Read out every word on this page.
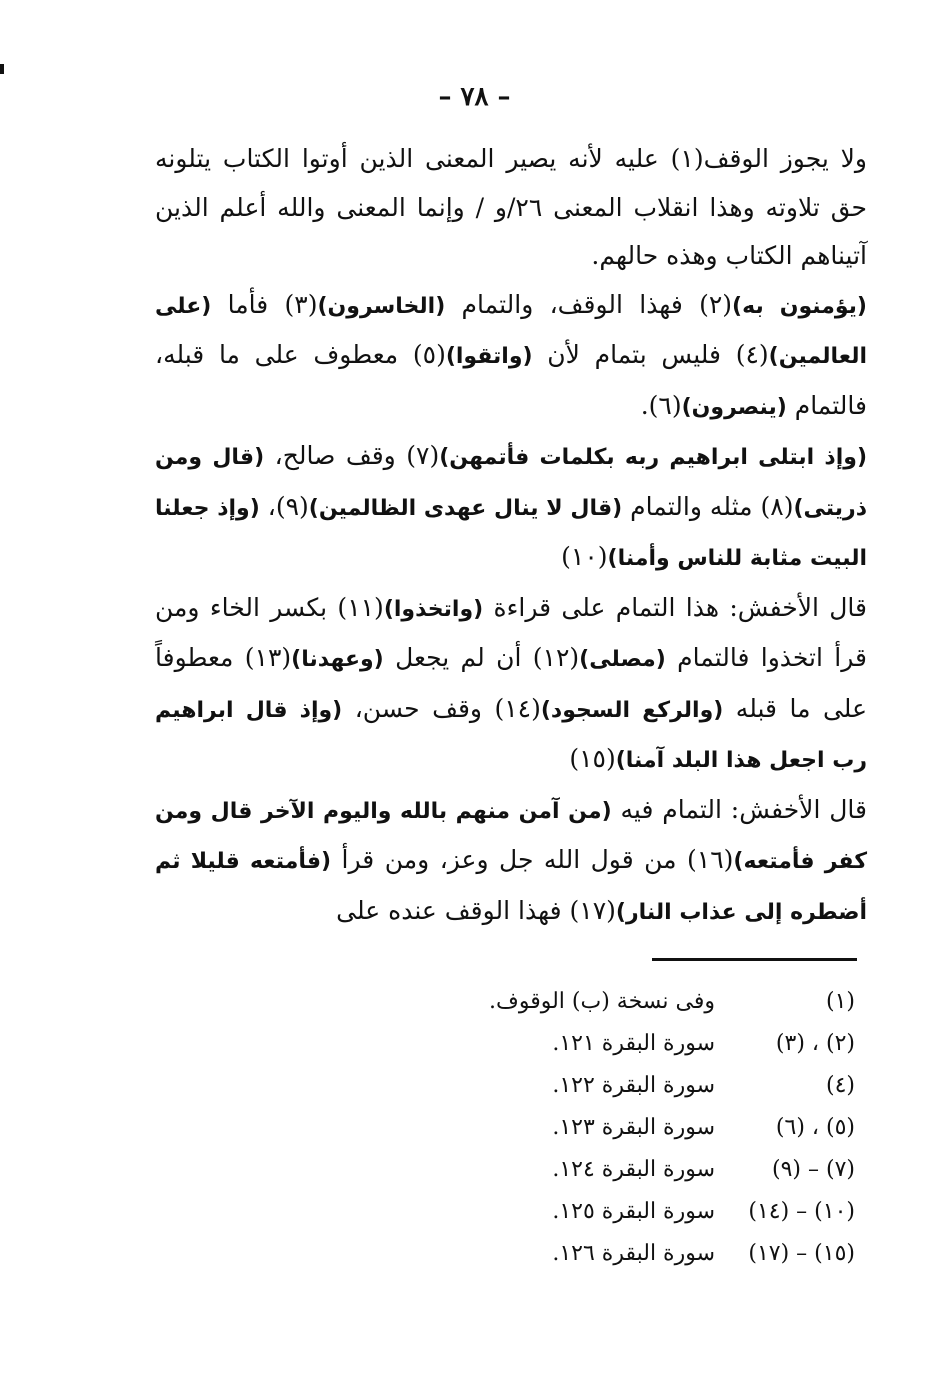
– ٧٨ –

ولا يجوز الوقف(١) عليه لأنه يصير المعنى الذين أوتوا الكتاب يتلونه حق تلاوته وهذا انقلاب المعنى ٢٦/و / وإنما المعنى والله أعلم الذين آتيناهم الكتاب وهذه حالهم.

(يؤمنون به)(٢) فهذا الوقف، والتمام (الخاسرون)(٣) فأما (على العالمين)(٤) فليس بتمام لأن (واتقوا)(٥) معطوف على ما قبله، فالتمام (ينصرون)(٦).

(وإذ ابتلى ابراهيم ربه بكلمات فأتمهن)(٧) وقف صالح، (قال ومن ذريتى)(٨) مثله والتمام (قال لا ينال عهدى الظالمين)(٩)، (وإذ جعلنا البيت مثابة للناس وأمنا)(١٠)

قال الأخفش: هذا التمام على قراءة (واتخذوا)(١١) بكسر الخاء ومن قرأ اتخذوا فالتمام (مصلى)(١٢) أن لم يجعل (وعهدنا)(١٣) معطوفاً على ما قبله (والركع السجود)(١٤) وقف حسن، (وإذ قال ابراهيم رب اجعل هذا البلد آمنا)(١٥)

قال الأخفش: التمام فيه (من آمن منهم بالله واليوم الآخر قال ومن كفر فأمتعه)(١٦) من قول الله جل وعز، ومن قرأ (فأمتعه قليلا ثم أضطره إلى عذاب النار)(١٧) فهذا الوقف عنده على

(١)
وفى نسخة (ب) الوقوف.
(٢) ، (٣)
سورة البقرة ١٢١.
(٤)
سورة البقرة ١٢٢.
(٥) ، (٦)
سورة البقرة ١٢٣.
(٧) – (٩)
سورة البقرة ١٢٤.
(١٠) – (١٤)
سورة البقرة ١٢٥.
(١٥) – (١٧)
سورة البقرة ١٢٦.
